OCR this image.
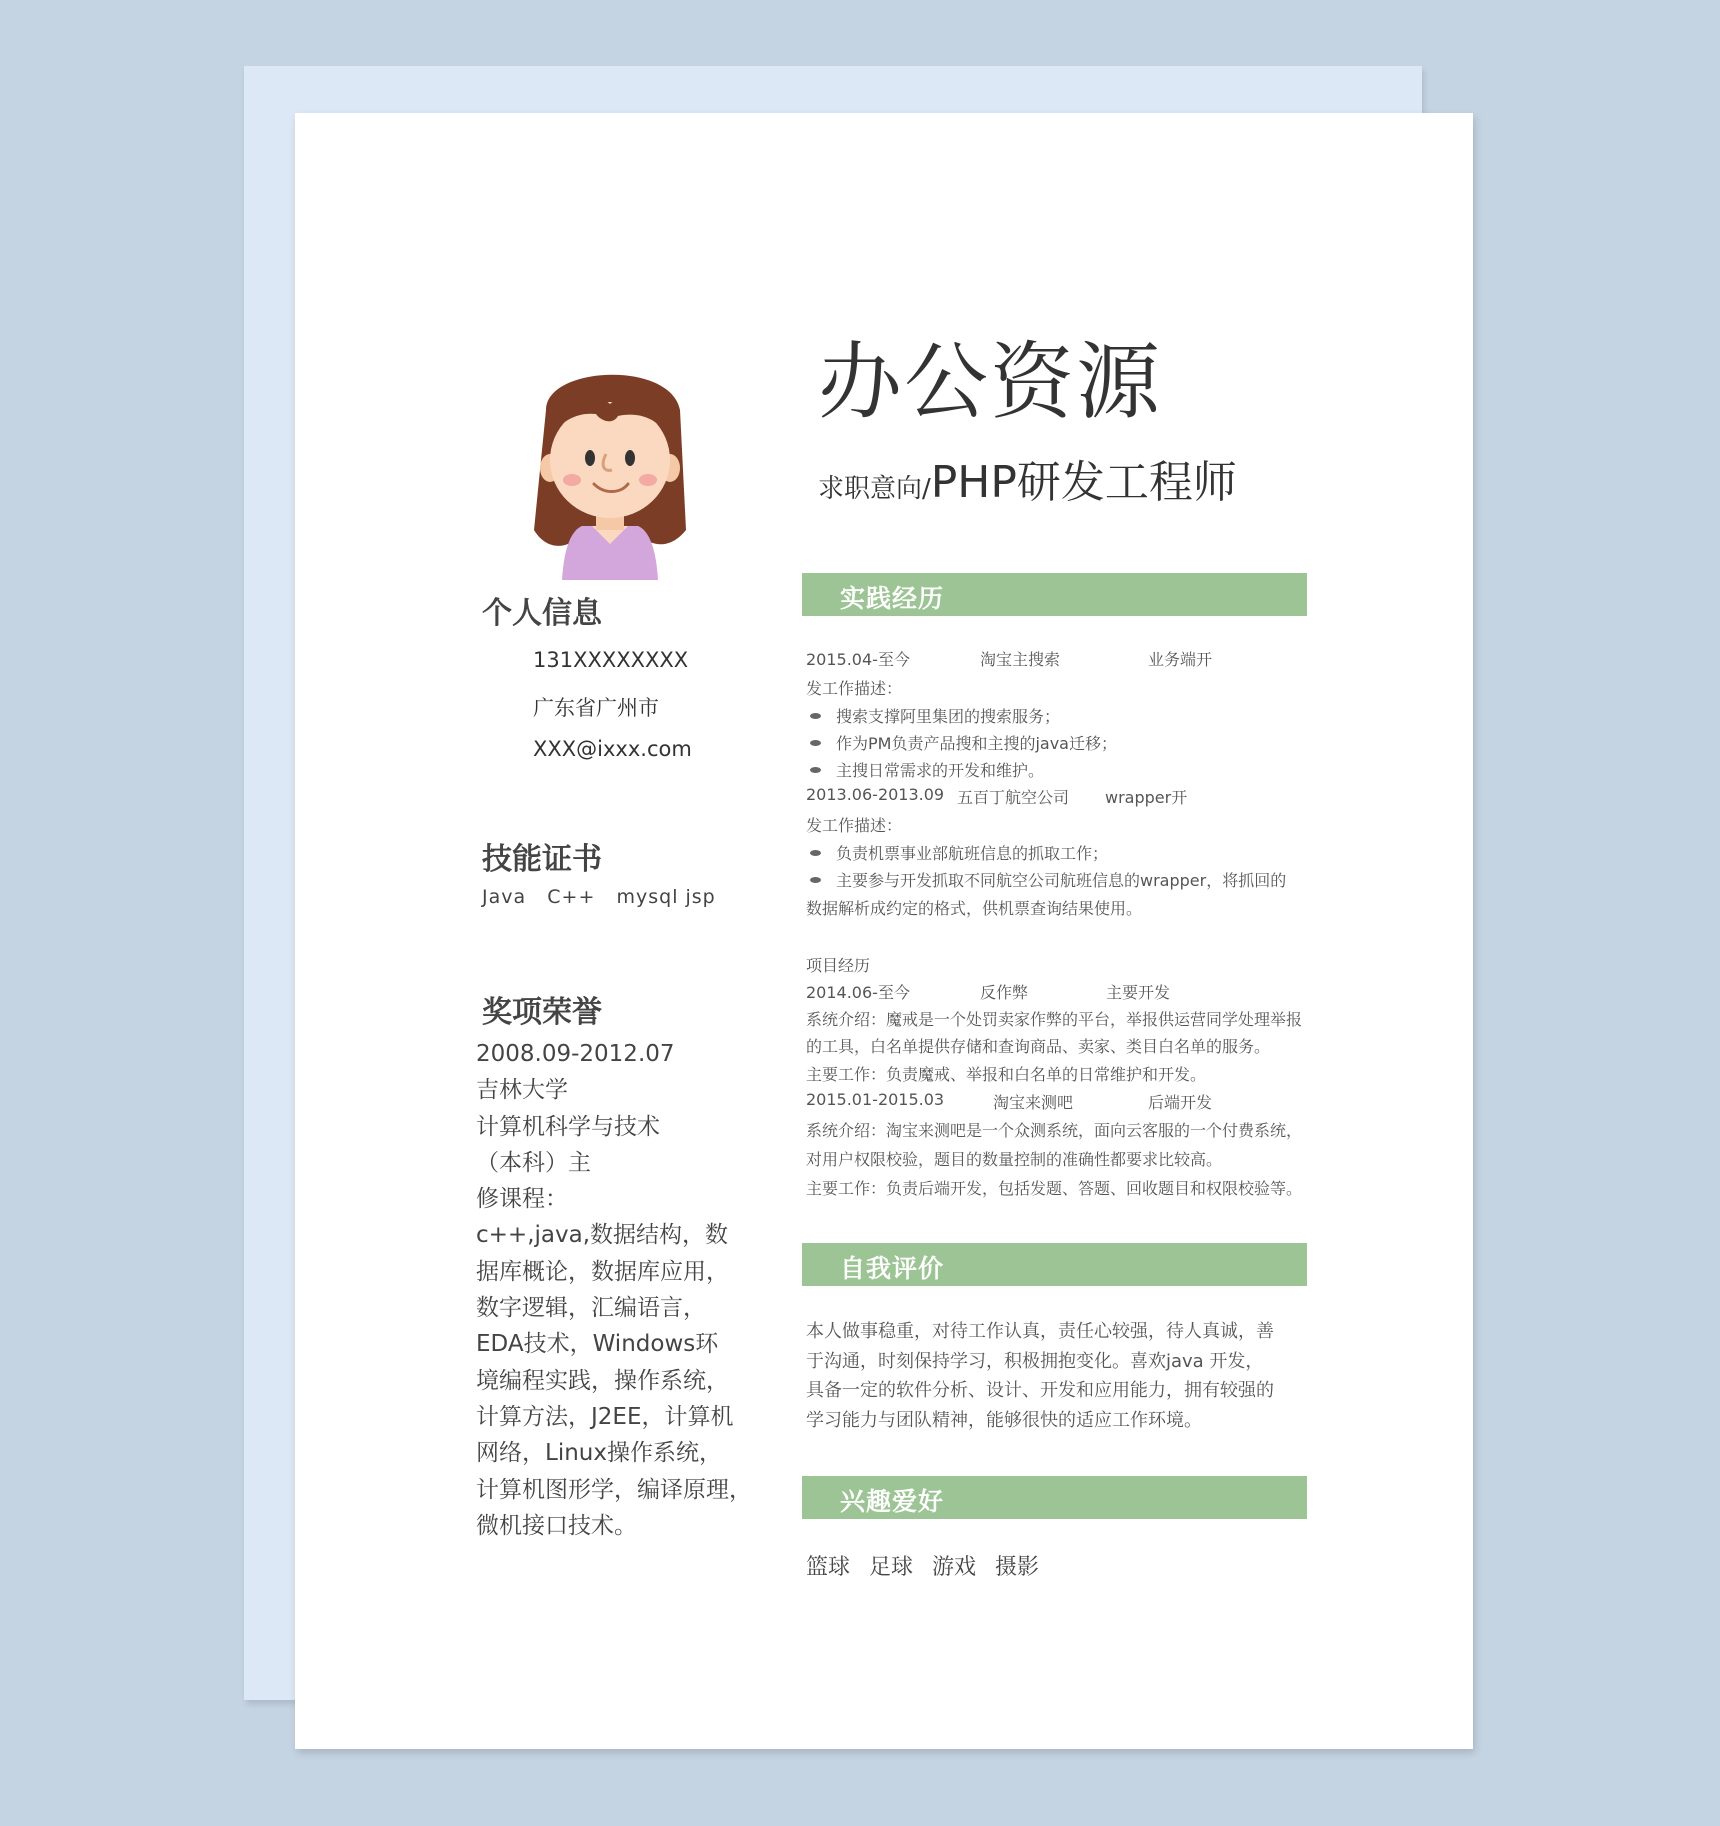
办公资源
求职意向/PHP研发工程师
个人信息
131XXXXXXXX
广东省广州市
XXX@ixxx.com
技能证书
Java   C++   mysql jsp
奖项荣誉
2008.09-2012.07
吉林大学
计算机科学与技术
（本科）主
修课程：
c++,java,数据结构，数
据库概论，数据库应用，
数字逻辑，汇编语言，
EDA技术，Windows环
境编程实践，操作系统，
计算方法，J2EE，计算机
网络，Linux操作系统，
计算机图形学，编译原理，
微机接口技术。
实践经历
2015.04-至今	淘宝主搜索	业务端开
发工作描述：
搜索支撑阿里集团的搜索服务；
作为PM负责产品搜和主搜的java迁移；
主搜日常需求的开发和维护。
2013.06-2013.09 五百丁航空公司 wrapper开
发工作描述：
负责机票事业部航班信息的抓取工作；
主要参与开发抓取不同航空公司航班信息的wrapper，将抓回的
数据解析成约定的格式，供机票查询结果使用。
项目经历
2014.06-至今	反作弊	主要开发
系统介绍：魔戒是一个处罚卖家作弊的平台，举报供运营同学处理举报
的工具，白名单提供存储和查询商品、卖家、类目白名单的服务。
主要工作：负责魔戒、举报和白名单的日常维护和开发。
2015.01-2015.03	淘宝来测吧	后端开发
系统介绍：淘宝来测吧是一个众测系统，面向云客服的一个付费系统，
对用户权限校验，题目的数量控制的准确性都要求比较高。
主要工作：负责后端开发，包括发题、答题、回收题目和权限校验等。
自我评价
本人做事稳重，对待工作认真，责任心较强，待人真诚，善
于沟通，时刻保持学习，积极拥抱变化。喜欢java 开发，
具备一定的软件分析、设计、开发和应用能力，拥有较强的
学习能力与团队精神，能够很快的适应工作环境。
兴趣爱好
篮球 足球 游戏 摄影
